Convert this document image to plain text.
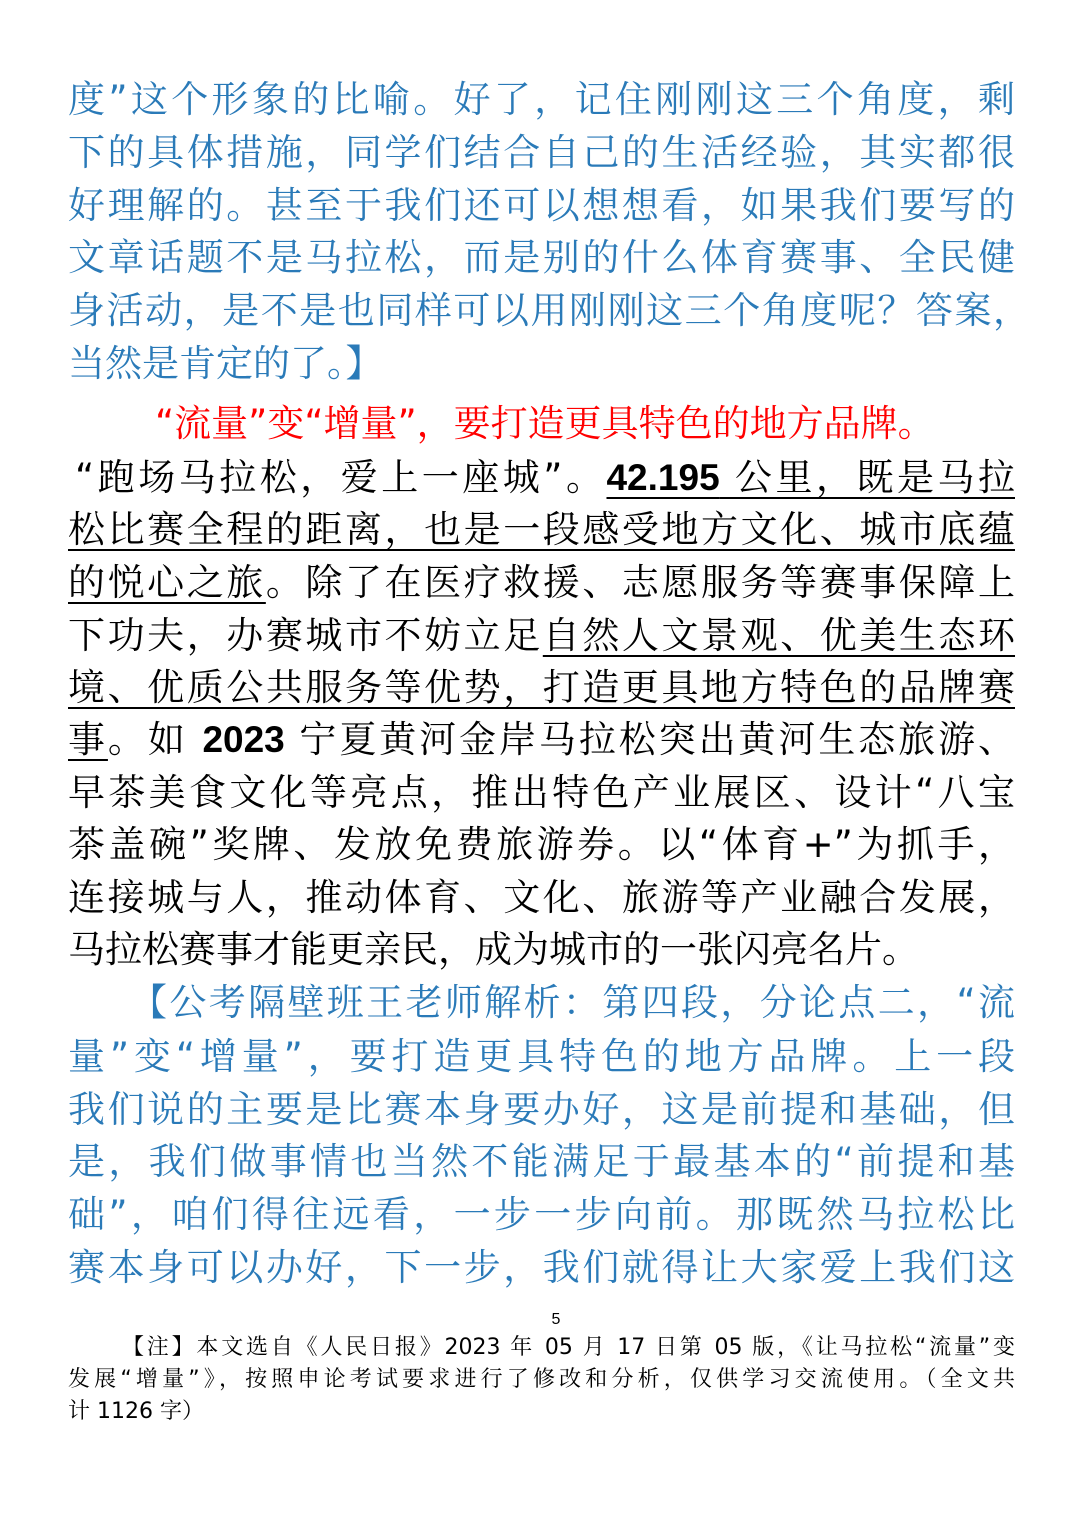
度”这个形象的比喻。好了，记住刚刚这三个角度，剩
下的具体措施，同学们结合自己的生活经验，其实都很
好理解的。甚至于我们还可以想想看，如果我们要写的
文章话题不是马拉松，而是别的什么体育赛事、全民健
身活动，是不是也同样可以用刚刚这三个角度呢？答案，
当然是肯定的了。】
“流量”变“增量”，要打造更具特色的地方品牌。
“跑场马拉松，爱上一座城”。42.195 公里，既是马拉
松比赛全程的距离，也是一段感受地方文化、城市底蕴
的悦心之旅。除了在医疗救援、志愿服务等赛事保障上
下功夫，办赛城市不妨立足自然人文景观、优美生态环
境、优质公共服务等优势，打造更具地方特色的品牌赛
事。如 2023 宁夏黄河金岸马拉松突出黄河生态旅游、
早茶美食文化等亮点，推出特色产业展区、设计“八宝
茶盖碗”奖牌、发放免费旅游券。以“体育+”为抓手，
连接城与人，推动体育、文化、旅游等产业融合发展，
马拉松赛事才能更亲民，成为城市的一张闪亮名片。
【公考隔壁班王老师解析：第四段，分论点二，“流
量”变“增量”，要打造更具特色的地方品牌。上一段
我们说的主要是比赛本身要办好，这是前提和基础，但
是，我们做事情也当然不能满足于最基本的“前提和基
础”，咱们得往远看，一步一步向前。那既然马拉松比
赛本身可以办好，下一步，我们就得让大家爱上我们这
5
【注】本文选自《人民日报》2023 年 05 月 17 日第 05 版，《让马拉松“流量”变
发展“增量”》，按照申论考试要求进行了修改和分析，仅供学习交流使用。（全文共
计 1126 字）
